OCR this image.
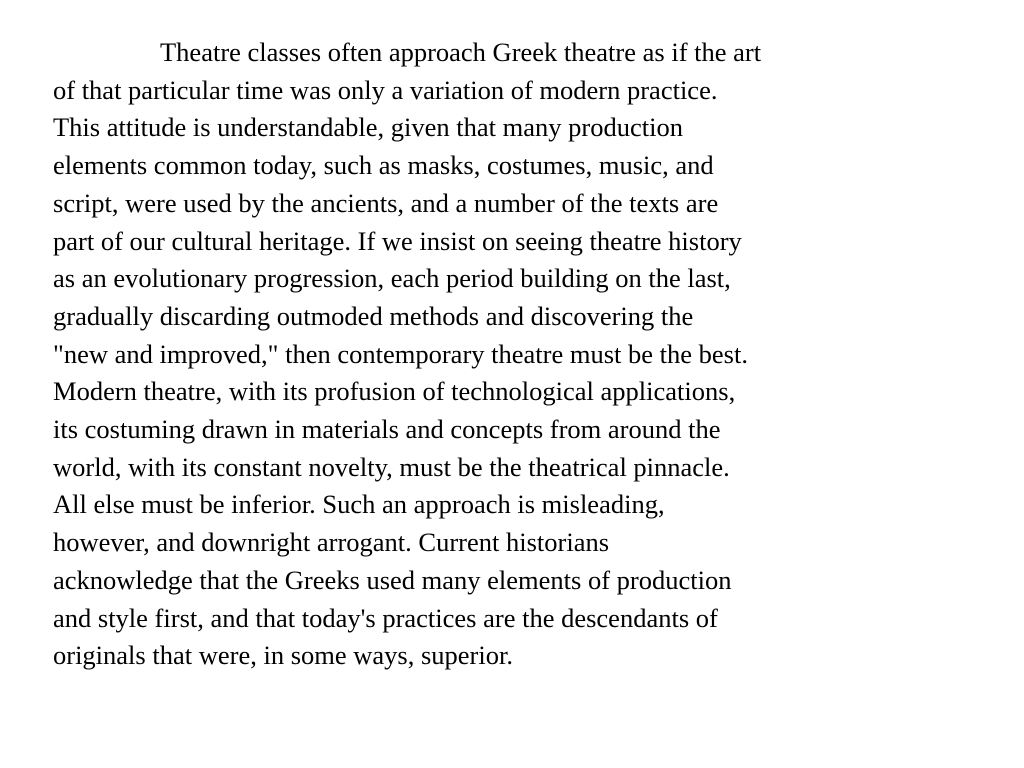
Theatre classes often approach Greek theatre as if the art
of that particular time was only a variation of modern practice.
This attitude is understandable, given that many production
elements common today, such as masks, costumes, music, and
script, were used by the ancients, and a number of the texts are
part of our cultural heritage. If we insist on seeing theatre history
as an evolutionary progression, each period building on the last,
gradually discarding outmoded methods and discovering the
"new and improved," then contemporary theatre must be the best.
Modern theatre, with its profusion of technological applications,
its costuming drawn in materials and concepts from around the
world, with its constant novelty, must be the theatrical pinnacle.
All else must be inferior. Such an approach is misleading,
however, and downright arrogant. Current historians
acknowledge that the Greeks used many elements of production
and style first, and that today's practices are the descendants of
originals that were, in some ways, superior.
